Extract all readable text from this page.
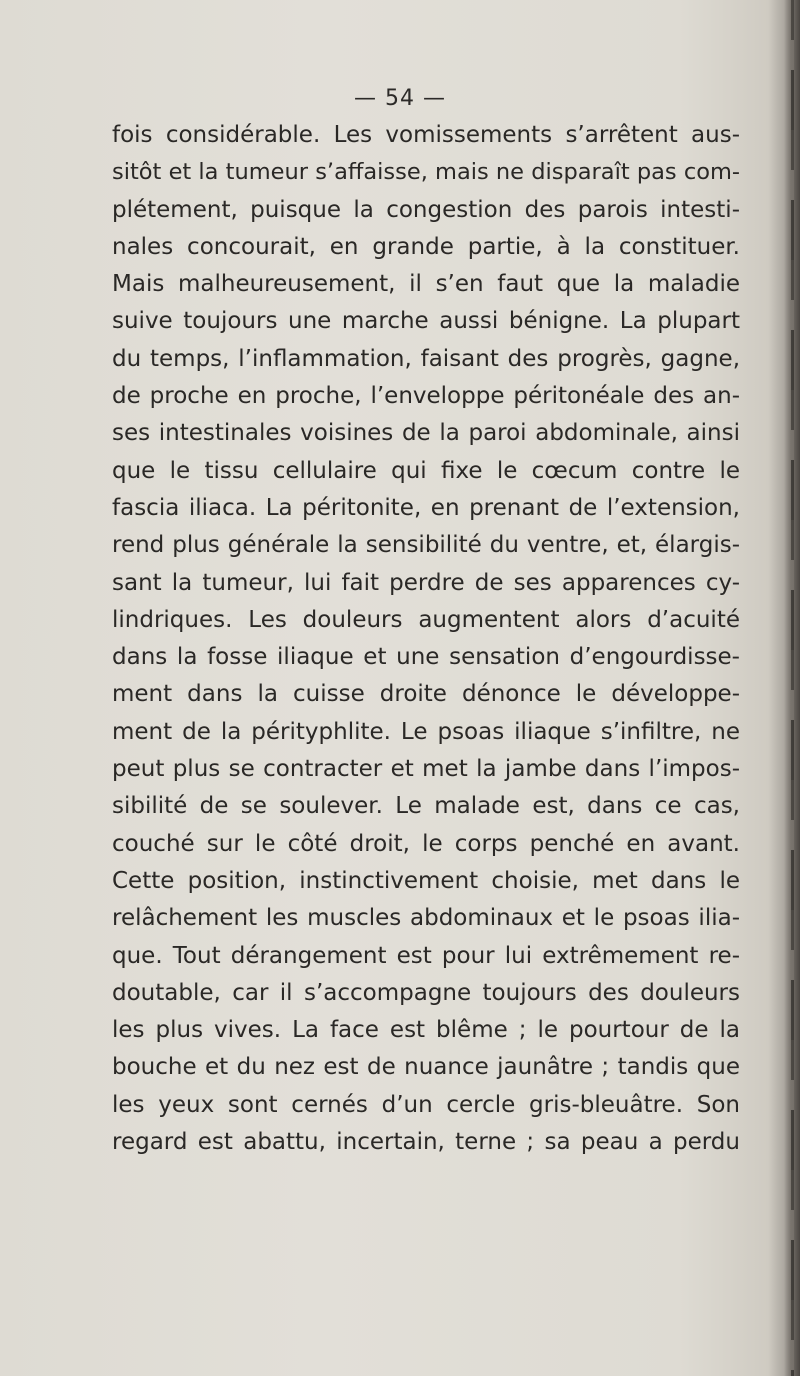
— 54 —
fois considérable. Les vomissements s’arrêtent aus-
sitôt et la tumeur s’affaisse, mais ne disparaît pas com-
plétement, puisque la congestion des parois intesti-
nales concourait, en grande partie, à la constituer.
Mais malheureusement, il s’en faut que la maladie
suive toujours une marche aussi bénigne. La plupart
du temps, l’inflammation, faisant des progrès, gagne,
de proche en proche, l’enveloppe péritonéale des an-
ses intestinales voisines de la paroi abdominale, ainsi
que le tissu cellulaire qui fixe le cœcum contre le
fascia iliaca. La péritonite, en prenant de l’extension,
rend plus générale la sensibilité du ventre, et, élargis-
sant la tumeur, lui fait perdre de ses apparences cy-
lindriques. Les douleurs augmentent alors d’acuité
dans la fosse iliaque et une sensation d’engourdisse-
ment dans la cuisse droite dénonce le développe-
ment de la pérityphlite. Le psoas iliaque s’infiltre, ne
peut plus se contracter et met la jambe dans l’impos-
sibilité de se soulever. Le malade est, dans ce cas,
couché sur le côté droit, le corps penché en avant.
Cette position, instinctivement choisie, met dans le
relâchement les muscles abdominaux et le psoas ilia-
que. Tout dérangement est pour lui extrêmement re-
doutable, car il s’accompagne toujours des douleurs
les plus vives. La face est blême ; le pourtour de la
bouche et du nez est de nuance jaunâtre ; tandis que
les yeux sont cernés d’un cercle gris-bleuâtre. Son
regard est abattu, incertain, terne ; sa peau a perdu
